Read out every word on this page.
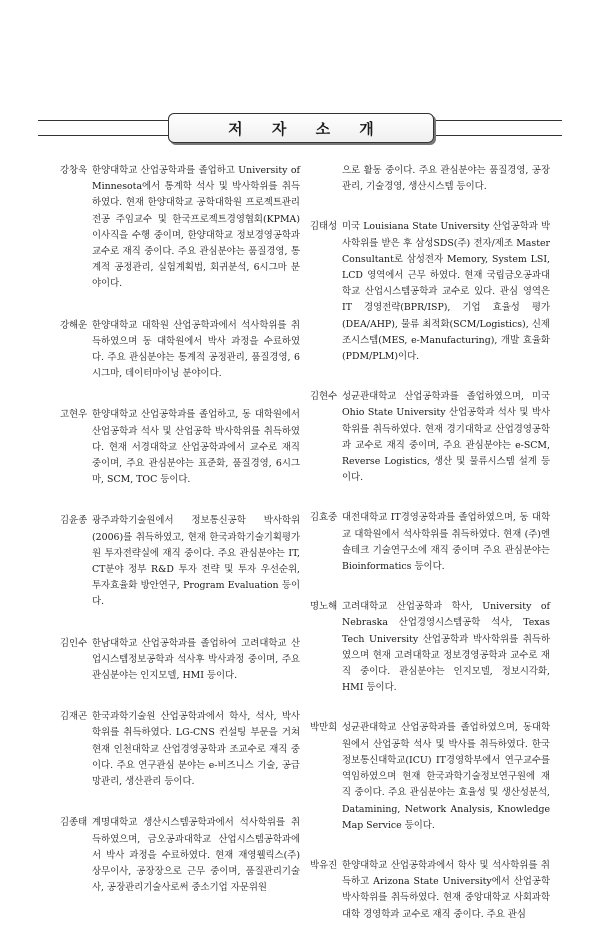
저 자 소 개
강창욱 한양대학교 산업공학과를 졸업하고 University of Minnesota에서 통계학 석사 및 박사학위를 취득하였다. 현재 한양대학교 공학대학원 프로젝트관리 전공 주임교수 및 한국프로젝트경영협회(KPMA) 이사직을 수행 중이며, 한양대학교 정보경영공학과 교수로 재직 중이다. 주요 관심분야는 품질경영, 통계적 공정관리, 실험계획법, 회귀분석, 6시그마 분야이다.
강해운 한양대학교 대학원 산업공학과에서 석사학위를 취득하였으며 동 대학원에서 박사 과정을 수료하였다. 주요 관심분야는 통계적 공정관리, 품질경영, 6시그마, 데이터마이닝 분야이다.
고현우 한양대학교 산업공학과를 졸업하고, 동 대학원에서 산업공학과 석사 및 산업공학 박사학위를 취득하였다. 현재 서경대학교 산업공학과에서 교수로 재직 중이며, 주요 관심분야는 표준화, 품질경영, 6시그마, SCM, TOC 등이다.
김윤종 광주과학기술원에서 정보통신공학 박사학위(2006)를 취득하였고, 현재 한국과학기술기획평가원 투자전략실에 재직 중이다. 주요 관심분야는 IT, CT분야 정부 R&D 투자 전략 및 투자 우선순위, 투자효율화 방안연구, Program Evaluation 등이다.
김인수 한남대학교 산업공학과를 졸업하여 고려대학교 산업시스템정보공학과 석사후 박사과정 중이며, 주요 관심분야는 인지모델, HMI 등이다.
김재곤 한국과학기술원 산업공학과에서 학사, 석사, 박사학위를 취득하였다. LG-CNS 컨설팅 부문을 거쳐 현재 인천대학교 산업경영공학과 조교수로 재직 중이다. 주요 연구관심 분야는 e-비즈니스 기술, 공급망관리, 생산관리 등이다.
김종태 계명대학교 생산시스템공학과에서 석사학위를 취득하였으며, 금오공과대학교 산업시스템공학과에서 박사 과정을 수료하였다. 현재 재영웰릭스(주) 상무이사, 공장장으로 근무 중이며, 품질관리기술사, 공장관리기술사로써 중소기업 자문위원
으로 활동 중이다. 주요 관심분야는 품질경영, 공장관리, 기술경영, 생산시스템 등이다.
김태성 미국 Louisiana State University 산업공학과 박사학위를 받은 후 삼성SDS(주) 전자/제조 Master Consultant로 삼성전자 Memory, System LSI, LCD 영역에서 근무 하였다. 현재 국립금오공과대학교 산업시스템공학과 교수로 있다. 관심 영역은 IT 경영전략(BPR/ISP), 기업 효율성 평가(DEA/AHP), 물류 최적화(SCM/Logistics), 신제조시스템(MES, e-Manufacturing), 개발 효율화(PDM/PLM)이다.
김현수 성균관대학교 산업공학과를 졸업하였으며, 미국 Ohio State University 산업공학과 석사 및 박사학위를 취득하였다. 현재 경기대학교 산업경영공학과 교수로 재직 중이며, 주요 관심분야는 e-SCM, Reverse Logistics, 생산 및 물류시스템 설계 등이다.
김효중 대전대학교 IT경영공학과를 졸업하였으며, 동 대학교 대학원에서 석사학위를 취득하였다. 현재 (주)엔솔테크 기술연구소에 재직 중이며 주요 관심분야는 Bioinformatics 등이다.
명노해 고려대학교 산업공학과 학사, University of Nebraska 산업경영시스템공학 석사, Texas Tech University 산업공학과 박사학위를 취득하였으며 현재 고려대학교 정보경영공학과 교수로 재직 중이다. 관심분야는 인지모델, 정보시각화, HMI 등이다.
박만희 성균관대학교 산업공학과를 졸업하였으며, 동대학원에서 산업공학 석사 및 박사를 취득하였다. 한국정보통신대학교(ICU) IT경영학부에서 연구교수를 역임하였으며 현재 한국과학기술정보연구원에 재직 중이다. 주요 관심분야는 효율성 및 생산성분석, Datamining, Network Analysis, Knowledge Map Service 등이다.
박유진 한양대학교 산업공학과에서 학사 및 석사학위를 취득하고 Arizona State University에서 산업공학 박사학위를 취득하였다. 현재 중앙대학교 사회과학대학 경영학과 교수로 재직 중이다. 주요 관심
